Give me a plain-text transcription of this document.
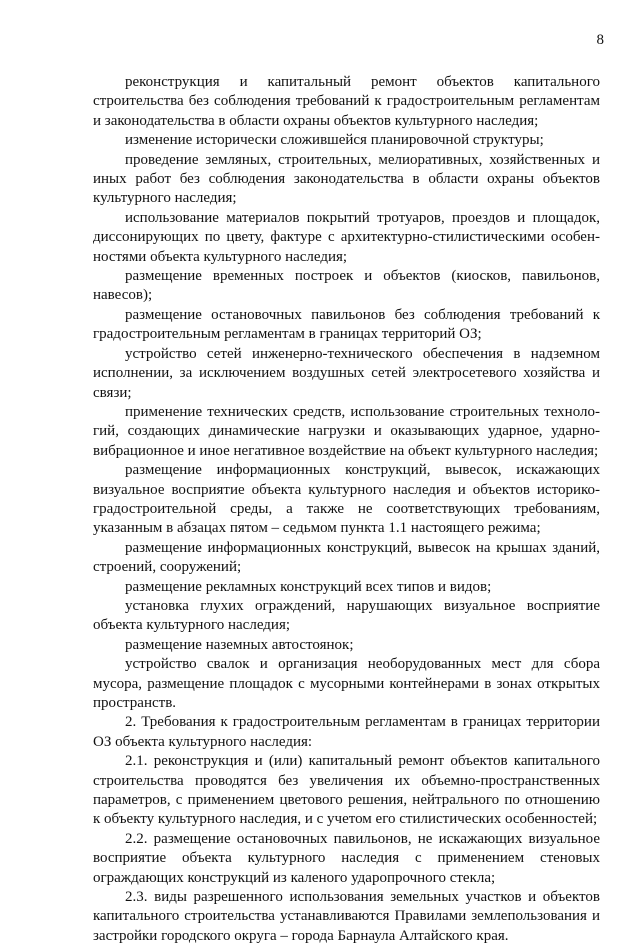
8

реконструкция и капитальный ремонт объектов капитального строительства без соблюдения требований к градостроительным регламентам и законодательства в области охраны объектов культурного наследия;

изменение исторически сложившейся планировочной структуры;

проведение земляных, строительных, мелиоративных, хозяйственных и иных работ без соблюдения законодательства в области охраны объектов культурного наследия;

использование материалов покрытий тротуаров, проездов и площадок, диссонирующих по цвету, фактуре с архитектурно-стилистическими особенностями объекта культурного наследия;

размещение временных построек и объектов (киосков, павильонов, навесов);

размещение остановочных павильонов без соблюдения требований к градостроительным регламентам в границах территорий ОЗ;

устройство сетей инженерно-технического обеспечения в надземном исполнении, за исключением воздушных сетей электросетевого хозяйства и связи;

применение технических средств, использование строительных технологий, создающих динамические нагрузки и оказывающих ударное, ударно-вибрационное и иное негативное воздействие на объект культурного наследия;

размещение информационных конструкций, вывесок, искажающих визуальное восприятие объекта культурного наследия и объектов историко-градостроительной среды, а также не соответствующих требованиям, указанным в абзацах пятом – седьмом пункта 1.1 настоящего режима;

размещение информационных конструкций, вывесок на крышах зданий, строений, сооружений;

размещение рекламных конструкций всех типов и видов;

установка глухих ограждений, нарушающих визуальное восприятие объекта культурного наследия;

размещение наземных автостоянок;

устройство свалок и организация необорудованных мест для сбора мусора, размещение площадок с мусорными контейнерами в зонах открытых пространств.

2. Требования к градостроительным регламентам в границах территории ОЗ объекта культурного наследия:

2.1. реконструкция и (или) капитальный ремонт объектов капитального строительства проводятся без увеличения их объемно-пространственных параметров, с применением цветового решения, нейтрального по отношению к объекту культурного наследия, и с учетом его стилистических особенностей;

2.2. размещение остановочных павильонов, не искажающих визуальное восприятие объекта культурного наследия с применением стеновых ограждающих конструкций из каленого ударопрочного стекла;

2.3. виды разрешенного использования земельных участков и объектов капитального строительства устанавливаются Правилами землепользования и застройки городского округа – города Барнаула Алтайского края.
